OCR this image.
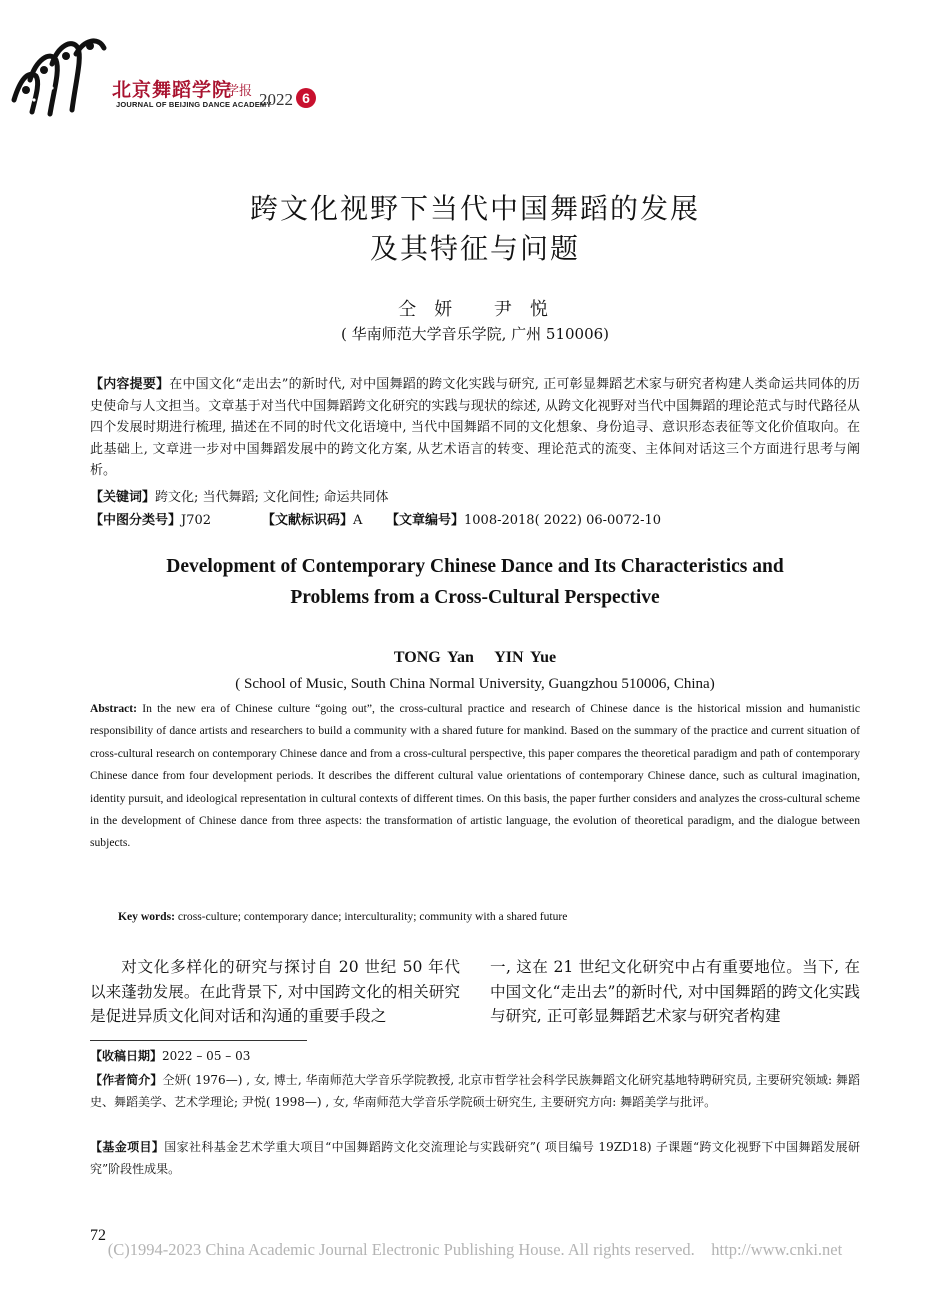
北京舞蹈学院
学报
JOURNAL OF BEIJING DANCE ACADEMY
2022 6
跨文化视野下当代中国舞蹈的发展
及其特征与问题
仝妍 尹悦
( 华南师范大学音乐学院, 广州 510006)
【内容提要】在中国文化“走出去”的新时代, 对中国舞蹈的跨文化实践与研究, 正可彰显舞蹈艺术家与研究者构建人类命运共同体的历史使命与人文担当。文章基于对当代中国舞蹈跨文化研究的实践与现状的综述, 从跨文化视野对当代中国舞蹈的理论范式与时代路径从四个发展时期进行梳理, 描述在不同的时代文化语境中, 当代中国舞蹈不同的文化想象、身份追寻、意识形态表征等文化价值取向。在此基础上, 文章进一步对中国舞蹈发展中的跨文化方案, 从艺术语言的转变、理论范式的流变、主体间对话这三个方面进行思考与阐析。
【关键词】跨文化; 当代舞蹈; 文化间性; 命运共同体
【中图分类号】J702	【文献标识码】A 【文章编号】1008-2018( 2022) 06-0072-10
Development of Contemporary Chinese Dance and Its Characteristics and
Problems from a Cross-Cultural Perspective
TONG Yan   YIN Yue
( School of Music, South China Normal University, Guangzhou 510006, China)
Abstract: In the new era of Chinese culture “going out”, the cross-cultural practice and research of Chinese dance is the historical mission and humanistic responsibility of dance artists and researchers to build a community with a shared future for mankind. Based on the summary of the practice and current situation of cross-cultural research on contemporary Chinese dance and from a cross-cultural perspective, this paper compares the theoretical paradigm and path of contemporary Chinese dance from four development periods. It describes the different cultural value orientations of contemporary Chinese dance, such as cultural imagination, identity pursuit, and ideological representation in cultural contexts of different times. On this basis, the paper further considers and analyzes the cross-cultural scheme in the development of Chinese dance from three aspects: the transformation of artistic language, the evolution of theoretical paradigm, and the dialogue between subjects.
Key words: cross-culture; contemporary dance; interculturality; community with a shared future
对文化多样化的研究与探讨自 20 世纪 50 年代以来蓬勃发展。在此背景下, 对中国跨文化的相关研究是促进异质文化间对话和沟通的重要手段之
一, 这在 21 世纪文化研究中占有重要地位。当下, 在中国文化“走出去”的新时代, 对中国舞蹈的跨文化实践与研究, 正可彰显舞蹈艺术家与研究者构建
【收稿日期】2022 – 05 – 03
【作者简介】仝妍( 1976—) , 女, 博士, 华南师范大学音乐学院教授, 北京市哲学社会科学民族舞蹈文化研究基地特聘研究员, 主要研究领域: 舞蹈史、舞蹈美学、艺术学理论; 尹悦( 1998—) , 女, 华南师范大学音乐学院硕士研究生, 主要研究方向: 舞蹈美学与批评。
【基金项目】国家社科基金艺术学重大项目“中国舞蹈跨文化交流理论与实践研究”( 项目编号 19ZD18) 子课题“跨文化视野下中国舞蹈发展研究”阶段性成果。
72
(C)1994-2023 China Academic Journal Electronic Publishing House. All rights reserved.    http://www.cnki.net
